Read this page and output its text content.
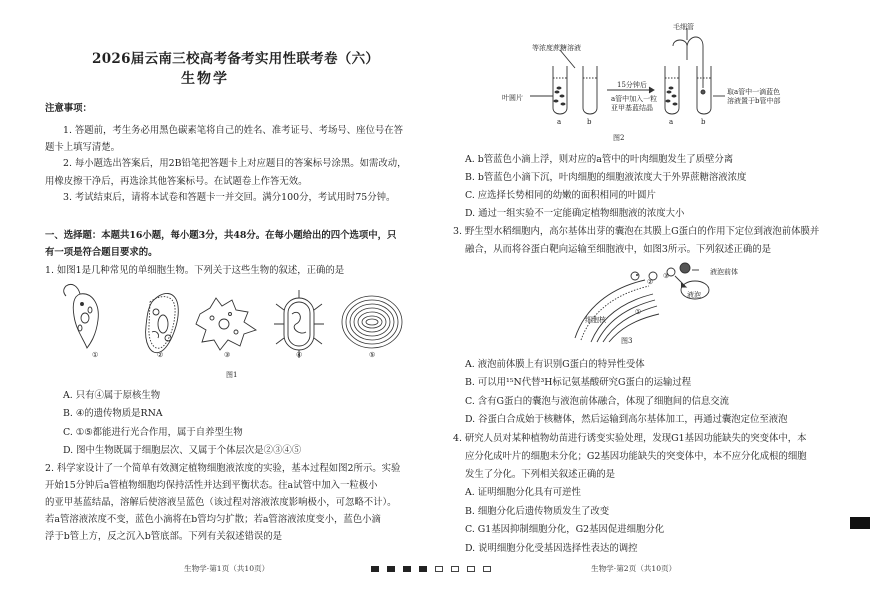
2026届云南三校高考备考实用性联考卷（六）
生物学
注意事项：
1. 答题前，考生务必用黑色碳素笔将自己的姓名、准考证号、考场号、座位号在答
题卡上填写清楚。
2. 每小题选出答案后，用2B铅笔把答题卡上对应题目的答案标号涂黑。如需改动，
用橡皮擦干净后，再选涂其他答案标号。在试题卷上作答无效。
3. 考试结束后，请将本试卷和答题卡一并交回。满分100分，考试用时75分钟。
一、选择题：本题共16小题，每小题3分，共48分。在每小题给出的四个选项中，只
有一项是符合题目要求的。
1. 如图1是几种常见的单细胞生物。下列关于这些生物的叙述，正确的是
①	②	③	④	⑤
图1
A. 只有④属于原核生物
B. ④的遗传物质是RNA
C. ①⑤都能进行光合作用，属于自养型生物
D. 图中生物既属于细胞层次、又属于个体层次是②③④⑤
2. 科学家设计了一个简单有效测定植物细胞液浓度的实验，基本过程如图2所示。实验
开始15分钟后a管植物细胞均保持活性并达到平衡状态。往a试管中加入一粒极小
的亚甲基蓝结晶，溶解后使溶液呈蓝色（该过程对溶液浓度影响极小，可忽略不计）。
若a管溶液浓度不变，蓝色小滴将在b管均匀扩散；若a管溶液浓度变小，蓝色小滴
浮于b管上方，反之沉入b管底部。下列有关叙述错误的是
生物学·第1页（共10页）
等浓度蔗糖溶液
叶圆片
15分钟后
a管中加入一粒
亚甲基蓝结晶
毛细管
取a管中一滴蓝色
溶液置于b管中部
a	b	a	b
图2
A. b管蓝色小滴上浮，则对应的a管中的叶肉细胞发生了质壁分离
B. b管蓝色小滴下沉，叶肉细胞的细胞液浓度大于外界蔗糖溶液浓度
C. 应选择长势相同的幼嫩的面积相同的叶圆片
D. 通过一组实验不一定能确定植物细胞液的浓度大小
3. 野生型水稻细胞内，高尔基体出芽的囊泡在其膜上G蛋白的作用下定位到液泡前体膜并
融合，从而将谷蛋白靶向运输至细胞液中，如图3所示。下列叙述正确的是
液泡前体
液泡
细胞核
①
②
③
图3
A. 液泡前体膜上有识别G蛋白的特异性受体
B. 可以用¹⁵N代替³H标记氨基酸研究G蛋白的运输过程
C. 含有G蛋白的囊泡与液泡前体融合，体现了细胞间的信息交流
D. 谷蛋白合成始于核糖体，然后运输到高尔基体加工，再通过囊泡定位至液泡
4. 研究人员对某种植物幼苗进行诱变实验处理，发现G1基因功能缺失的突变体中，本
应分化成叶片的细胞未分化；G2基因功能缺失的突变体中，本不应分化成根的细胞
发生了分化。下列相关叙述正确的是
A. 证明细胞分化具有可逆性
B. 细胞分化后遗传物质发生了改变
C. G1基因抑制细胞分化，G2基因促进细胞分化
D. 说明细胞分化受基因选择性表达的调控
生物学·第2页（共10页）
